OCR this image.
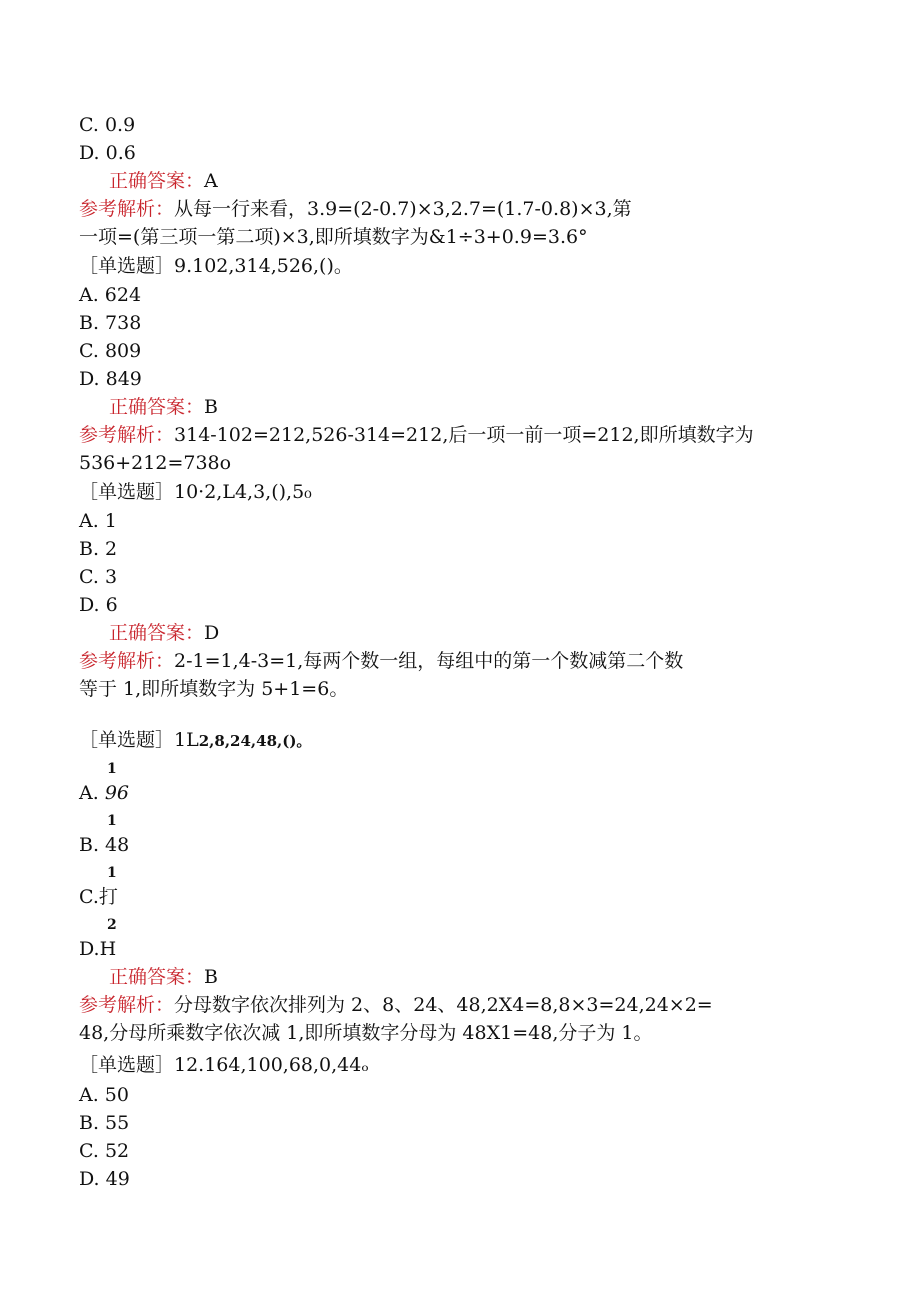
C. 0.9
D. 0.6
正确答案：A
参考解析：从每一行来看，3.9=(2-0.7)×3,2.7=(1.7-0.8)×3,第
一项=(第三项一第二项)×3,即所填数字为&1÷3+0.9=3.6°
［单选题］9.102,314,526,()。
A. 624
B. 738
C. 809
D. 849
正确答案：B
参考解析：314-102=212,526-314=212,后一项一前一项=212,即所填数字为
536+212=738o
［单选题］10·2,L4,3,(),5₀
A. 1
B. 2
C. 3
D. 6
正确答案：D
参考解析：2-1=1,4-3=1,每两个数一组，每组中的第一个数减第二个数
等于 1,即所填数字为 5+1=6。
［单选题］1L2,8,24,48,()。
1
A. 96
1
B. 48
1
C.打
2
D.H
正确答案：B
参考解析：分母数字依次排列为 2、8、24、48,2X4=8,8×3=24,24×2=
48,分母所乘数字依次减 1,即所填数字分母为 48X1=48,分子为 1。
［单选题］12.164,100,68,0,44ₒ
A. 50
B. 55
C. 52
D. 49
